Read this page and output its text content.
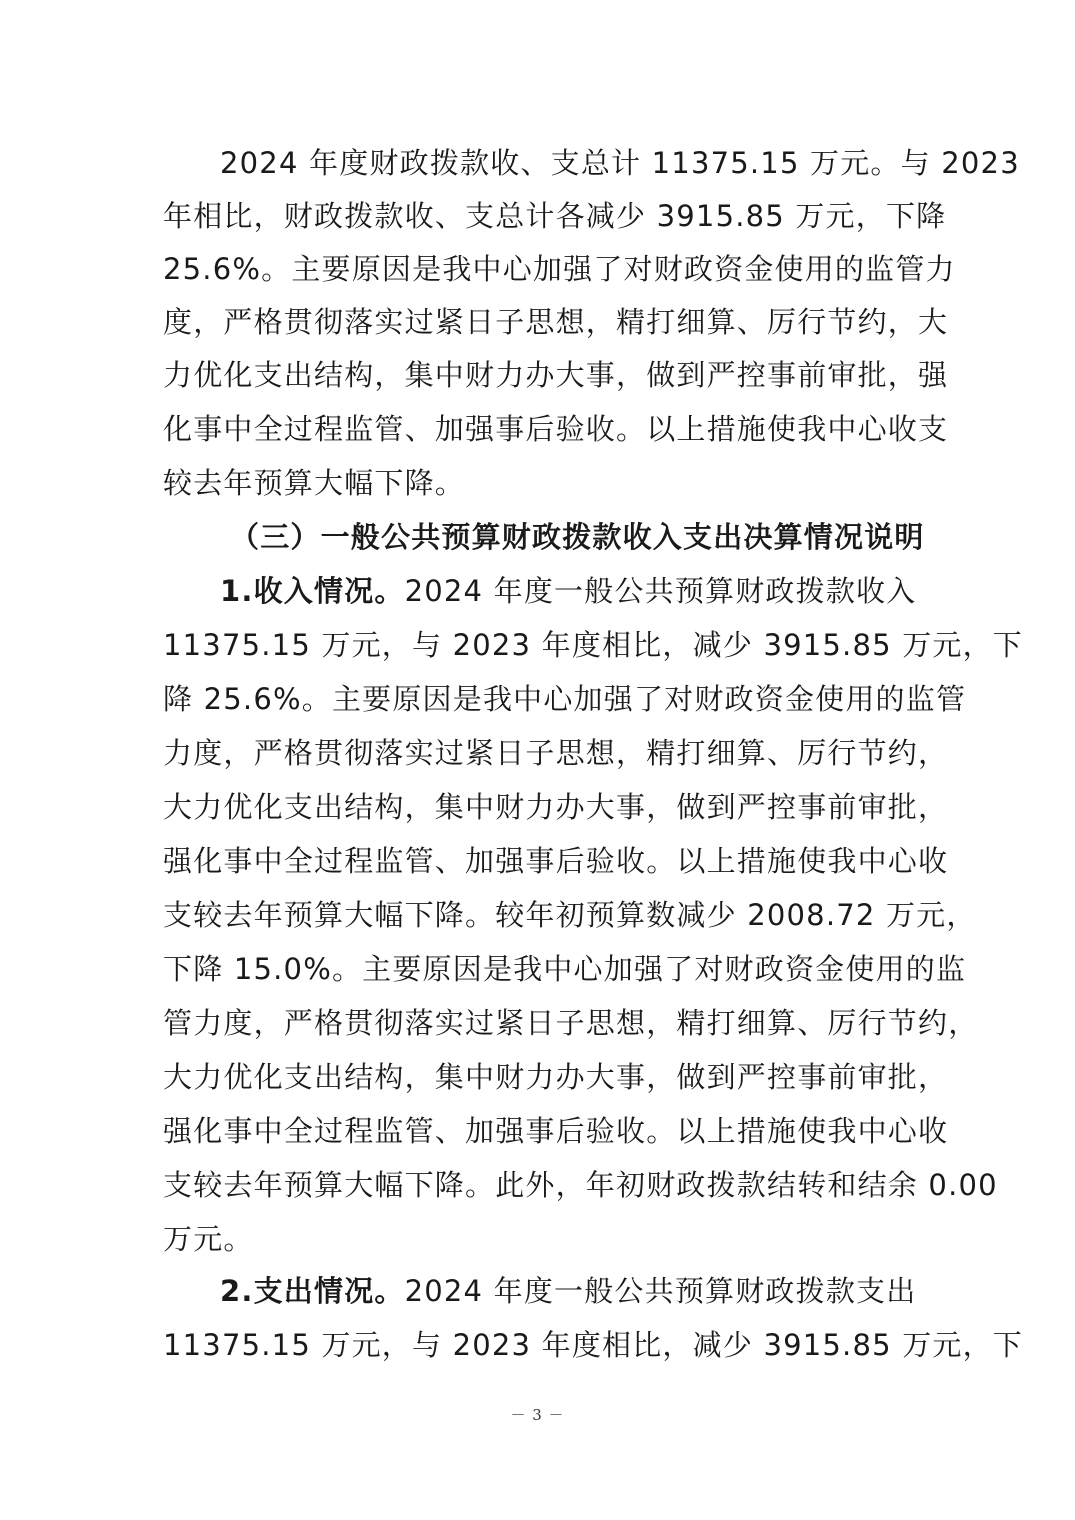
2024 年度财政拨款收、支总计 11375.15 万元。与 2023
年相比，财政拨款收、支总计各减少 3915.85 万元，下降
25.6%。主要原因是我中心加强了对财政资金使用的监管力
度，严格贯彻落实过紧日子思想，精打细算、厉行节约，大
力优化支出结构，集中财力办大事，做到严控事前审批，强
化事中全过程监管、加强事后验收。以上措施使我中心收支
较去年预算大幅下降。
（三）一般公共预算财政拨款收入支出决算情况说明
1.收入情况。2024 年度一般公共预算财政拨款收入
11375.15 万元，与 2023 年度相比，减少 3915.85 万元，下
降 25.6%。主要原因是我中心加强了对财政资金使用的监管
力度，严格贯彻落实过紧日子思想，精打细算、厉行节约，
大力优化支出结构，集中财力办大事，做到严控事前审批，
强化事中全过程监管、加强事后验收。以上措施使我中心收
支较去年预算大幅下降。较年初预算数减少 2008.72 万元，
下降 15.0%。主要原因是我中心加强了对财政资金使用的监
管力度，严格贯彻落实过紧日子思想，精打细算、厉行节约，
大力优化支出结构，集中财力办大事，做到严控事前审批，
强化事中全过程监管、加强事后验收。以上措施使我中心收
支较去年预算大幅下降。此外，年初财政拨款结转和结余 0.00
万元。
2.支出情况。2024 年度一般公共预算财政拨款支出
11375.15 万元，与 2023 年度相比，减少 3915.85 万元，下
－ 3 －
